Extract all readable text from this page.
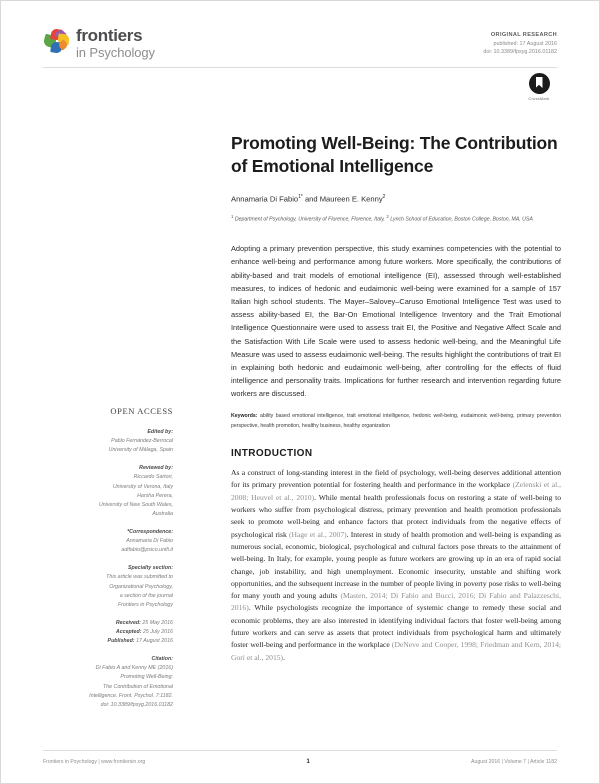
frontiers
in Psychology
ORIGINAL RESEARCH
published: 17 August 2016
doi: 10.3389/fpsyg.2016.01182
CrossMark
OPEN ACCESS
Edited by:
Pablo Fernández-Berrocal
University of Málaga, Spain
Reviewed by:
Riccardo Sartori,
University of Verona, Italy
Harsha Perera,
University of New South Wales,
Australia
*Correspondence:
Annamaria Di Fabio
adifabio@psico.unifi.it
Specialty section:
This article was submitted to
Organizational Psychology,
a section of the journal
Frontiers in Psychology
Received: 25 May 2016
Accepted: 25 July 2016
Published: 17 August 2016
Citation:
Di Fabio A and Kenny ME (2016)
Promoting Well-Being:
The Contribution of Emotional
Intelligence. Front. Psychol. 7:1182.
doi: 10.3389/fpsyg.2016.01182
Promoting Well-Being: The Contribution of Emotional Intelligence
Annamaria Di Fabio$^{1*}$ and Maureen E. Kenny$^2$
$^1$ Department of Psychology, University of Florence, Florence, Italy, $^2$ Lynch School of Education, Boston College, Boston, MA, USA
Adopting a primary prevention perspective, this study examines competencies with the potential to enhance well-being and performance among future workers. More specifically, the contributions of ability-based and trait models of emotional intelligence (EI), assessed through well-established measures, to indices of hedonic and eudaimonic well-being were examined for a sample of 157 Italian high school students. The Mayer–Salovey–Caruso Emotional Intelligence Test was used to assess ability-based EI, the Bar-On Emotional Intelligence Inventory and the Trait Emotional Intelligence Questionnaire were used to assess trait EI, the Positive and Negative Affect Scale and the Satisfaction With Life Scale were used to assess hedonic well-being, and the Meaningful Life Measure was used to assess eudaimonic well-being. The results highlight the contributions of trait EI in explaining both hedonic and eudaimonic well-being, after controlling for the effects of fluid intelligence and personality traits. Implications for further research and intervention regarding future workers are discussed.
Keywords: ability based emotional intelligence, trait emotional intelligence, hedonic well-being, eudaimonic well-being, primary prevention perspective, health promotion, healthy business, healthy organization
INTRODUCTION
As a construct of long-standing interest in the field of psychology, well-being deserves additional attention for its primary prevention potential for fostering health and performance in the workplace (Zelenski et al., 2008; Heuvel et al., 2010). While mental health professionals focus on restoring a state of well-being to workers who suffer from psychological distress, primary prevention and health promotion professionals seek to promote well-being and enhance factors that protect individuals from the negative effects of psychological risk (Hage et al., 2007). Interest in study of health promotion and well-being is expanding as numerous social, economic, biological, psychological and cultural factors pose threats to the attainment of well-being. In Italy, for example, young people as future workers are growing up in an era of rapid social change, job instability, and high unemployment. Economic insecurity, unstable and shifting work opportunities, and the subsequent increase in the number of people living in poverty pose risks to well-being for many youth and young adults (Masten, 2014; Di Fabio and Bucci, 2016; Di Fabio and Palazzeschi, 2016). While psychologists recognize the importance of systemic change to remedy these social and economic problems, they are also interested in identifying individual factors that foster well-being among future workers and can serve as assets that protect individuals from psychological harm and ultimately foster well-being and performance in the workplace (DeNeve and Cooper, 1998; Friedman and Kern, 2014; Gori et al., 2015).
Frontiers in Psychology | www.frontiersin.org	1	August 2016 | Volume 7 | Article 1182
